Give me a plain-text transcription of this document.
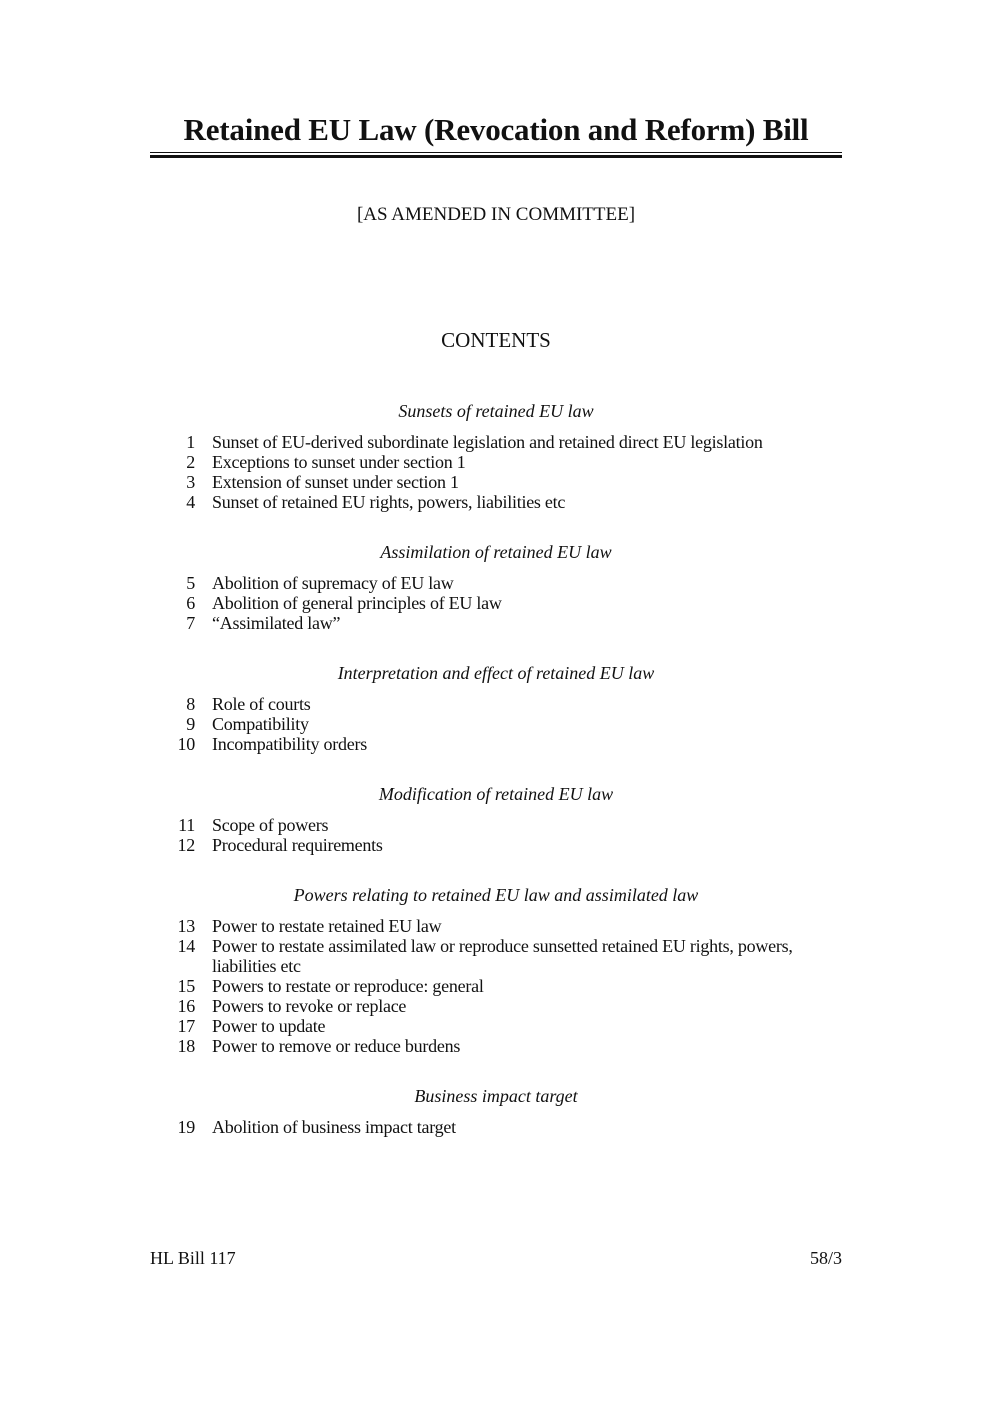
Retained EU Law (Revocation and Reform) Bill
[AS AMENDED IN COMMITTEE]
CONTENTS
Sunsets of retained EU law
1 Sunset of EU-derived subordinate legislation and retained direct EU legislation
2 Exceptions to sunset under section 1
3 Extension of sunset under section 1
4 Sunset of retained EU rights, powers, liabilities etc
Assimilation of retained EU law
5 Abolition of supremacy of EU law
6 Abolition of general principles of EU law
7 “Assimilated law”
Interpretation and effect of retained EU law
8 Role of courts
9 Compatibility
10 Incompatibility orders
Modification of retained EU law
11 Scope of powers
12 Procedural requirements
Powers relating to retained EU law and assimilated law
13 Power to restate retained EU law
14 Power to restate assimilated law or reproduce sunsetted retained EU rights, powers, liabilities etc
15 Powers to restate or reproduce: general
16 Powers to revoke or replace
17 Power to update
18 Power to remove or reduce burdens
Business impact target
19 Abolition of business impact target
HL Bill 117	58/3
